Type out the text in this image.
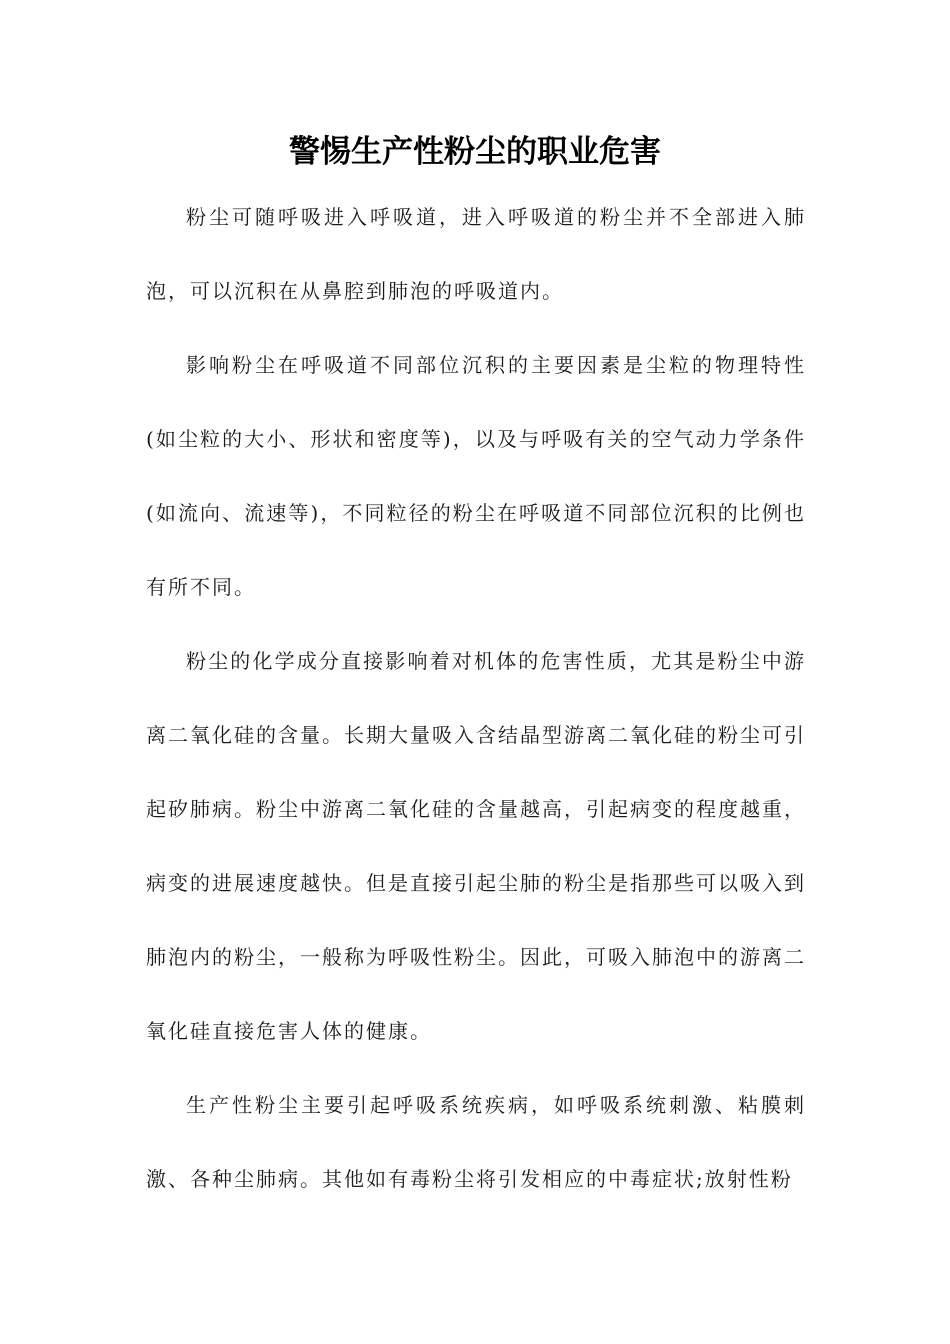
警惕生产性粉尘的职业危害

粉尘可随呼吸进入呼吸道，进入呼吸道的粉尘并不全部进入肺泡，可以沉积在从鼻腔到肺泡的呼吸道内。

影响粉尘在呼吸道不同部位沉积的主要因素是尘粒的物理特性(如尘粒的大小、形状和密度等)，以及与呼吸有关的空气动力学条件(如流向、流速等)，不同粒径的粉尘在呼吸道不同部位沉积的比例也有所不同。

粉尘的化学成分直接影响着对机体的危害性质，尤其是粉尘中游离二氧化硅的含量。长期大量吸入含结晶型游离二氧化硅的粉尘可引起矽肺病。粉尘中游离二氧化硅的含量越高，引起病变的程度越重，病变的进展速度越快。但是直接引起尘肺的粉尘是指那些可以吸入到肺泡内的粉尘，一般称为呼吸性粉尘。因此，可吸入肺泡中的游离二氧化硅直接危害人体的健康。

生产性粉尘主要引起呼吸系统疾病，如呼吸系统刺激、粘膜刺激、各种尘肺病。其他如有毒粉尘将引发相应的中毒症状;放射性粉
